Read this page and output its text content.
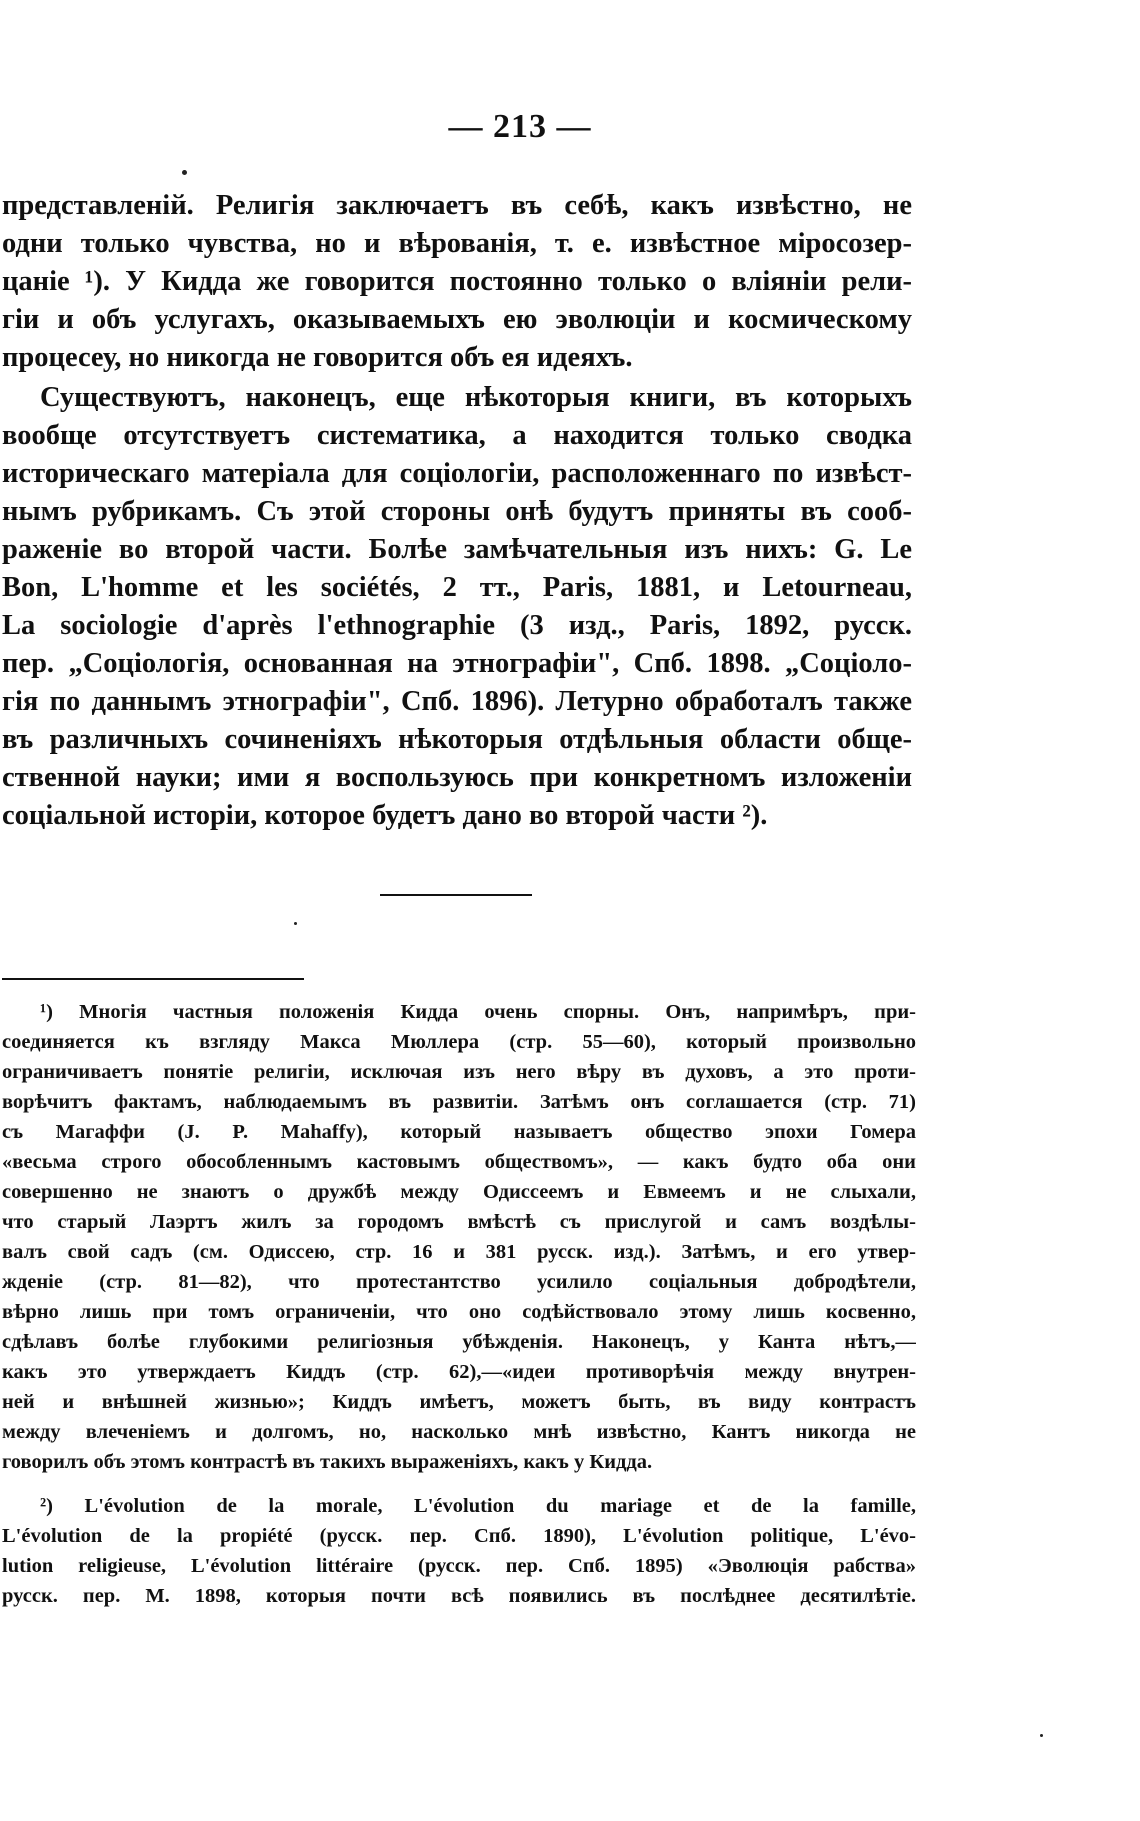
— 213 —
представленій. Религія заключаетъ въ себѣ, какъ извѣстно, не
одни только чувства, но и вѣрованія, т. е. извѣстное міросозер-
цаніе ¹). У Кидда же говорится постоянно только о вліяніи рели-
гіи и объ услугахъ, оказываемыхъ ею эволюціи и космическому
процесеу, но никогда не говорится объ ея идеяхъ.
Существуютъ, наконецъ, еще нѣкоторыя книги, въ которыхъ
вообще отсутствуетъ систематика, а находится только сводка
историческаго матеріала для соціологіи, расположеннаго по извѣст-
нымъ рубрикамъ. Съ этой стороны онѣ будутъ приняты въ сооб-
раженіе во второй части. Болѣе замѣчательныя изъ нихъ: G. Le
Bon, L'homme et les sociétés, 2 тт., Paris, 1881, и Letourneau,
La sociologie d'après l'ethnographie (3 изд., Paris, 1892, русск.
пер. „Соціологія, основанная на этнографіи", Спб. 1898. „Соціоло-
гія по даннымъ этнографіи", Спб. 1896). Летурно обработалъ также
въ различныхъ сочиненіяхъ нѣкоторыя отдѣльныя области обще-
ственной науки; ими я воспользуюсь при конкретномъ изложеніи
соціальной исторіи, которое будетъ дано во второй части ²).
¹) Многія частныя положенія Кидда очень спорны. Онъ, напримѣръ, при-
соединяется къ взгляду Макса Мюллера (стр. 55—60), который произвольно
ограничиваетъ понятіе религіи, исключая изъ него вѣру въ духовъ, а это проти-
ворѣчитъ фактамъ, наблюдаемымъ въ развитіи. Затѣмъ онъ соглашается (стр. 71)
съ Магаффи (J. P. Mahaffy), который называетъ общество эпохи Гомера
«весьма строго обособленнымъ кастовымъ обществомъ», — какъ будто оба они
совершенно не знаютъ о дружбѣ между Одиссеемъ и Евмеемъ и не слыхали,
что старый Лаэртъ жилъ за городомъ вмѣстѣ съ прислугой и самъ воздѣлы-
валъ свой садъ (см. Одиссею, стр. 16 и 381 русск. изд.). Затѣмъ, и его утвер-
жденіе (стр. 81—82), что протестантство усилило соціальныя добродѣтели,
вѣрно лишь при томъ ограниченіи, что оно содѣйствовало этому лишь косвенно,
сдѣлавъ болѣе глубокими религіозныя убѣжденія. Наконецъ, у Канта нѣтъ,—
какъ это утверждаетъ Киддъ (стр. 62),—«идеи противорѣчія между внутрен-
ней и внѣшней жизнью»; Киддъ имѣетъ, можетъ быть, въ виду контрастъ
между влеченіемъ и долгомъ, но, насколько мнѣ извѣстно, Кантъ никогда не
говорилъ объ этомъ контрастѣ въ такихъ выраженіяхъ, какъ у Кидда.
²) L'évolution de la morale, L'évolution du mariage et de la famille,
L'évolution de la propiété (русск. пер. Спб. 1890), L'évolution politique, L'évo-
lution religieuse, L'évolution littéraire (русск. пер. Спб. 1895) «Эволюція рабства»
русск. пер. М. 1898, которыя почти всѣ появились въ послѣднее десятилѣтіе.
